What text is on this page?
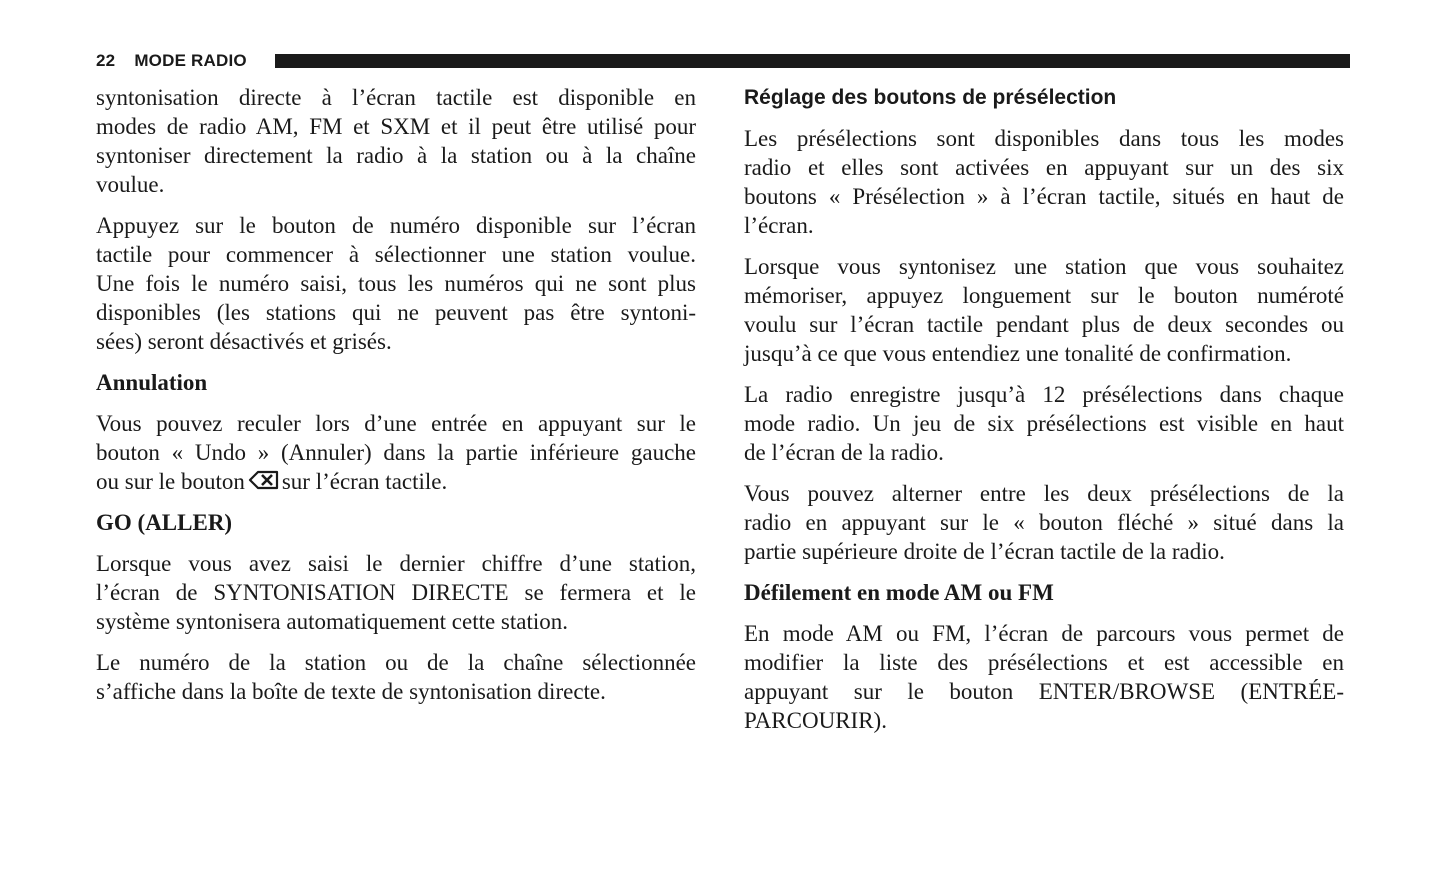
22 MODE RADIO
syntonisation directe à l’écran tactile est disponible en
modes de radio AM, FM et SXM et il peut être utilisé pour
syntoniser directement la radio à la station ou à la chaîne
voulue.
Appuyez sur le bouton de numéro disponible sur l’écran
tactile pour commencer à sélectionner une station voulue.
Une fois le numéro saisi, tous les numéros qui ne sont plus
disponibles (les stations qui ne peuvent pas être syntoni-
sées) seront désactivés et grisés.
Annulation
Vous pouvez reculer lors d’une entrée en appuyant sur le
bouton « Undo » (Annuler) dans la partie inférieure gauche
ou sur le bouton sur l’écran tactile.
GO (ALLER)
Lorsque vous avez saisi le dernier chiffre d’une station,
l’écran de SYNTONISATION DIRECTE se fermera et le
système syntonisera automatiquement cette station.
Le numéro de la station ou de la chaîne sélectionnée
s’affiche dans la boîte de texte de syntonisation directe.
Réglage des boutons de présélection
Les présélections sont disponibles dans tous les modes
radio et elles sont activées en appuyant sur un des six
boutons « Présélection » à l’écran tactile, situés en haut de
l’écran.
Lorsque vous syntonisez une station que vous souhaitez
mémoriser, appuyez longuement sur le bouton numéroté
voulu sur l’écran tactile pendant plus de deux secondes ou
jusqu’à ce que vous entendiez une tonalité de confirmation.
La radio enregistre jusqu’à 12 présélections dans chaque
mode radio. Un jeu de six présélections est visible en haut
de l’écran de la radio.
Vous pouvez alterner entre les deux présélections de la
radio en appuyant sur le « bouton fléché » situé dans la
partie supérieure droite de l’écran tactile de la radio.
Défilement en mode AM ou FM
En mode AM ou FM, l’écran de parcours vous permet de
modifier la liste des présélections et est accessible en
appuyant sur le bouton ENTER/BROWSE (ENTRÉE-
PARCOURIR).
